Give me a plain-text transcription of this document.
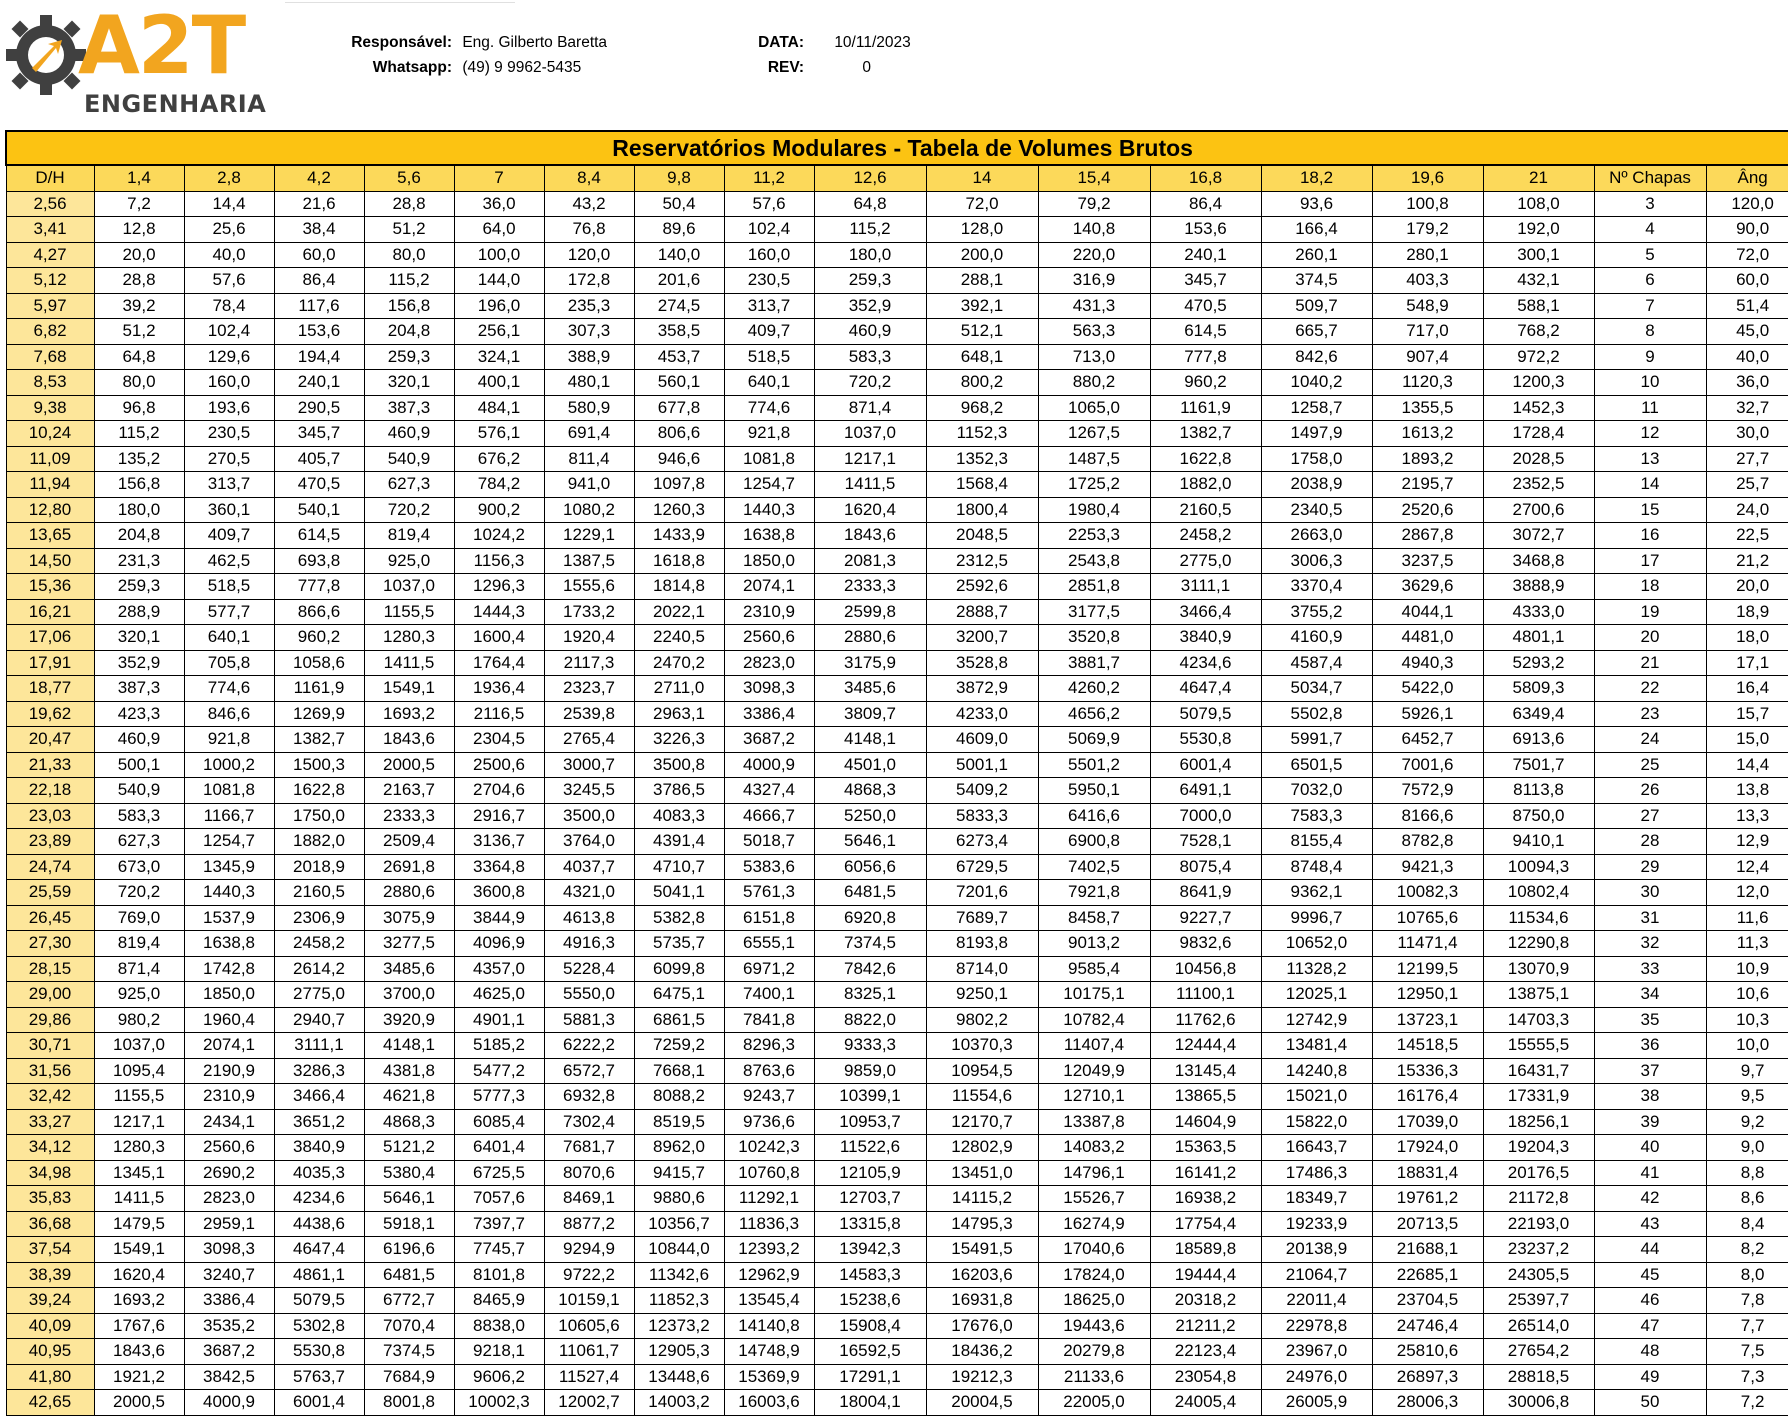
A2T
ENGENHARIA
Responsável: Eng. Gilberto Baretta
Whatsapp: (49) 9 9962-5435
DATA: 10/11/2023
REV:	0
Reservatórios Modulares - Tabela de Volumes Brutos																	
D/H	1,4	2,8	4,2	5,6	7	8,4	9,8	11,2	12,6	14	15,4	16,8	18,2	19,6	21	Nº Chapas	Âng
2,56	7,2	14,4	21,6	28,8	36,0	43,2	50,4	57,6	64,8	72,0	79,2	86,4	93,6	100,8	108,0	3	120,0
3,41	12,8	25,6	38,4	51,2	64,0	76,8	89,6	102,4	115,2	128,0	140,8	153,6	166,4	179,2	192,0	4	90,0
4,27	20,0	40,0	60,0	80,0	100,0	120,0	140,0	160,0	180,0	200,0	220,0	240,1	260,1	280,1	300,1	5	72,0
5,12	28,8	57,6	86,4	115,2	144,0	172,8	201,6	230,5	259,3	288,1	316,9	345,7	374,5	403,3	432,1	6	60,0
5,97	39,2	78,4	117,6	156,8	196,0	235,3	274,5	313,7	352,9	392,1	431,3	470,5	509,7	548,9	588,1	7	51,4
6,82	51,2	102,4	153,6	204,8	256,1	307,3	358,5	409,7	460,9	512,1	563,3	614,5	665,7	717,0	768,2	8	45,0
7,68	64,8	129,6	194,4	259,3	324,1	388,9	453,7	518,5	583,3	648,1	713,0	777,8	842,6	907,4	972,2	9	40,0
8,53	80,0	160,0	240,1	320,1	400,1	480,1	560,1	640,1	720,2	800,2	880,2	960,2	1040,2	1120,3	1200,3	10	36,0
9,38	96,8	193,6	290,5	387,3	484,1	580,9	677,8	774,6	871,4	968,2	1065,0	1161,9	1258,7	1355,5	1452,3	11	32,7
10,24	115,2	230,5	345,7	460,9	576,1	691,4	806,6	921,8	1037,0	1152,3	1267,5	1382,7	1497,9	1613,2	1728,4	12	30,0
11,09	135,2	270,5	405,7	540,9	676,2	811,4	946,6	1081,8	1217,1	1352,3	1487,5	1622,8	1758,0	1893,2	2028,5	13	27,7
11,94	156,8	313,7	470,5	627,3	784,2	941,0	1097,8	1254,7	1411,5	1568,4	1725,2	1882,0	2038,9	2195,7	2352,5	14	25,7
12,80	180,0	360,1	540,1	720,2	900,2	1080,2	1260,3	1440,3	1620,4	1800,4	1980,4	2160,5	2340,5	2520,6	2700,6	15	24,0
13,65	204,8	409,7	614,5	819,4	1024,2	1229,1	1433,9	1638,8	1843,6	2048,5	2253,3	2458,2	2663,0	2867,8	3072,7	16	22,5
14,50	231,3	462,5	693,8	925,0	1156,3	1387,5	1618,8	1850,0	2081,3	2312,5	2543,8	2775,0	3006,3	3237,5	3468,8	17	21,2
15,36	259,3	518,5	777,8	1037,0	1296,3	1555,6	1814,8	2074,1	2333,3	2592,6	2851,8	3111,1	3370,4	3629,6	3888,9	18	20,0
16,21	288,9	577,7	866,6	1155,5	1444,3	1733,2	2022,1	2310,9	2599,8	2888,7	3177,5	3466,4	3755,2	4044,1	4333,0	19	18,9
17,06	320,1	640,1	960,2	1280,3	1600,4	1920,4	2240,5	2560,6	2880,6	3200,7	3520,8	3840,9	4160,9	4481,0	4801,1	20	18,0
17,91	352,9	705,8	1058,6	1411,5	1764,4	2117,3	2470,2	2823,0	3175,9	3528,8	3881,7	4234,6	4587,4	4940,3	5293,2	21	17,1
18,77	387,3	774,6	1161,9	1549,1	1936,4	2323,7	2711,0	3098,3	3485,6	3872,9	4260,2	4647,4	5034,7	5422,0	5809,3	22	16,4
19,62	423,3	846,6	1269,9	1693,2	2116,5	2539,8	2963,1	3386,4	3809,7	4233,0	4656,2	5079,5	5502,8	5926,1	6349,4	23	15,7
20,47	460,9	921,8	1382,7	1843,6	2304,5	2765,4	3226,3	3687,2	4148,1	4609,0	5069,9	5530,8	5991,7	6452,7	6913,6	24	15,0
21,33	500,1	1000,2	1500,3	2000,5	2500,6	3000,7	3500,8	4000,9	4501,0	5001,1	5501,2	6001,4	6501,5	7001,6	7501,7	25	14,4
22,18	540,9	1081,8	1622,8	2163,7	2704,6	3245,5	3786,5	4327,4	4868,3	5409,2	5950,1	6491,1	7032,0	7572,9	8113,8	26	13,8
23,03	583,3	1166,7	1750,0	2333,3	2916,7	3500,0	4083,3	4666,7	5250,0	5833,3	6416,6	7000,0	7583,3	8166,6	8750,0	27	13,3
23,89	627,3	1254,7	1882,0	2509,4	3136,7	3764,0	4391,4	5018,7	5646,1	6273,4	6900,8	7528,1	8155,4	8782,8	9410,1	28	12,9
24,74	673,0	1345,9	2018,9	2691,8	3364,8	4037,7	4710,7	5383,6	6056,6	6729,5	7402,5	8075,4	8748,4	9421,3	10094,3	29	12,4
25,59	720,2	1440,3	2160,5	2880,6	3600,8	4321,0	5041,1	5761,3	6481,5	7201,6	7921,8	8641,9	9362,1	10082,3	10802,4	30	12,0
26,45	769,0	1537,9	2306,9	3075,9	3844,9	4613,8	5382,8	6151,8	6920,8	7689,7	8458,7	9227,7	9996,7	10765,6	11534,6	31	11,6
27,30	819,4	1638,8	2458,2	3277,5	4096,9	4916,3	5735,7	6555,1	7374,5	8193,8	9013,2	9832,6	10652,0	11471,4	12290,8	32	11,3
28,15	871,4	1742,8	2614,2	3485,6	4357,0	5228,4	6099,8	6971,2	7842,6	8714,0	9585,4	10456,8	11328,2	12199,5	13070,9	33	10,9
29,00	925,0	1850,0	2775,0	3700,0	4625,0	5550,0	6475,1	7400,1	8325,1	9250,1	10175,1	11100,1	12025,1	12950,1	13875,1	34	10,6
29,86	980,2	1960,4	2940,7	3920,9	4901,1	5881,3	6861,5	7841,8	8822,0	9802,2	10782,4	11762,6	12742,9	13723,1	14703,3	35	10,3
30,71	1037,0	2074,1	3111,1	4148,1	5185,2	6222,2	7259,2	8296,3	9333,3	10370,3	11407,4	12444,4	13481,4	14518,5	15555,5	36	10,0
31,56	1095,4	2190,9	3286,3	4381,8	5477,2	6572,7	7668,1	8763,6	9859,0	10954,5	12049,9	13145,4	14240,8	15336,3	16431,7	37	9,7
32,42	1155,5	2310,9	3466,4	4621,8	5777,3	6932,8	8088,2	9243,7	10399,1	11554,6	12710,1	13865,5	15021,0	16176,4	17331,9	38	9,5
33,27	1217,1	2434,1	3651,2	4868,3	6085,4	7302,4	8519,5	9736,6	10953,7	12170,7	13387,8	14604,9	15822,0	17039,0	18256,1	39	9,2
34,12	1280,3	2560,6	3840,9	5121,2	6401,4	7681,7	8962,0	10242,3	11522,6	12802,9	14083,2	15363,5	16643,7	17924,0	19204,3	40	9,0
34,98	1345,1	2690,2	4035,3	5380,4	6725,5	8070,6	9415,7	10760,8	12105,9	13451,0	14796,1	16141,2	17486,3	18831,4	20176,5	41	8,8
35,83	1411,5	2823,0	4234,6	5646,1	7057,6	8469,1	9880,6	11292,1	12703,7	14115,2	15526,7	16938,2	18349,7	19761,2	21172,8	42	8,6
36,68	1479,5	2959,1	4438,6	5918,1	7397,7	8877,2	10356,7	11836,3	13315,8	14795,3	16274,9	17754,4	19233,9	20713,5	22193,0	43	8,4
37,54	1549,1	3098,3	4647,4	6196,6	7745,7	9294,9	10844,0	12393,2	13942,3	15491,5	17040,6	18589,8	20138,9	21688,1	23237,2	44	8,2
38,39	1620,4	3240,7	4861,1	6481,5	8101,8	9722,2	11342,6	12962,9	14583,3	16203,6	17824,0	19444,4	21064,7	22685,1	24305,5	45	8,0
39,24	1693,2	3386,4	5079,5	6772,7	8465,9	10159,1	11852,3	13545,4	15238,6	16931,8	18625,0	20318,2	22011,4	23704,5	25397,7	46	7,8
40,09	1767,6	3535,2	5302,8	7070,4	8838,0	10605,6	12373,2	14140,8	15908,4	17676,0	19443,6	21211,2	22978,8	24746,4	26514,0	47	7,7
40,95	1843,6	3687,2	5530,8	7374,5	9218,1	11061,7	12905,3	14748,9	16592,5	18436,2	20279,8	22123,4	23967,0	25810,6	27654,2	48	7,5
41,80	1921,2	3842,5	5763,7	7684,9	9606,2	11527,4	13448,6	15369,9	17291,1	19212,3	21133,6	23054,8	24976,0	26897,3	28818,5	49	7,3
42,65	2000,5	4000,9	6001,4	8001,8	10002,3	12002,7	14003,2	16003,6	18004,1	20004,5	22005,0	24005,4	26005,9	28006,3	30006,8	50	7,2
